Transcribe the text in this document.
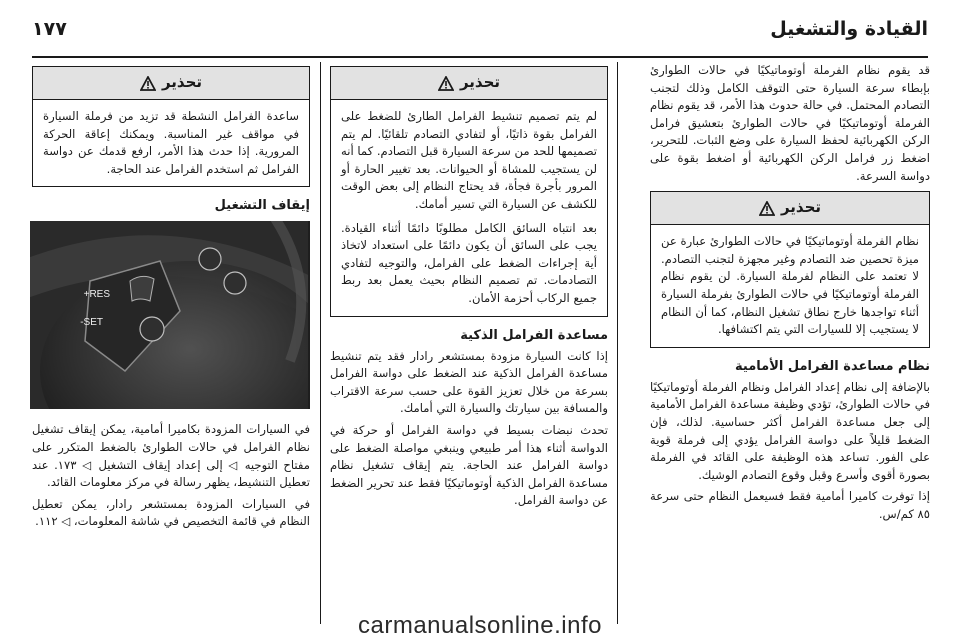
القيادة والتشغيل
١٧٧

قد يقوم نظام الفرملة أوتوماتيكيًا في حالات الطوارئ بإبطاء سرعة السيارة حتى التوقف الكامل وذلك لتجنب التصادم المحتمل. في حالة حدوث هذا الأمر، قد يقوم نظام الفرملة أوتوماتيكيًا في حالات الطوارئ بتعشيق فرامل الركن الكهربائية لحفظ السيارة على وضع الثبات. للتحرير، اضغط زر فرامل الركن الكهربائية أو اضغط بقوة على دواسة السرعة.

تحذير

نظام الفرملة أوتوماتيكيًا في حالات الطوارئ عبارة عن ميزة تحصين ضد التصادم وغير مجهزة لتجنب التصادم. لا تعتمد على النظام لفرملة السيارة. لن يقوم نظام الفرملة أوتوماتيكيًا في حالات الطوارئ بفرملة السيارة أثناء تواجدها خارج نطاق تشغيل النظام، كما أن النظام لا يستجيب إلا للسيارات التي يتم اكتشافها.

نظام مساعدة الفرامل الأمامية

بالإضافة إلى نظام إعداد الفرامل ونظام الفرملة أوتوماتيكيًا في حالات الطوارئ، تؤدي وظيفة مساعدة الفرامل الأمامية إلى جعل مساعدة الفرامل أكثر حساسية. لذلك، فإن الضغط قليلاً على دواسة الفرامل يؤدي إلى فرملة قوية على الفور. تساعد هذه الوظيفة على القائد في الفرملة بصورة أقوى وأسرع وقبل وقوع التصادم الوشيك.

إذا توفرت كاميرا أمامية فقط فسيعمل النظام حتى سرعة ٨٥ كم/س.

تحذير

لم يتم تصميم تنشيط الفرامل الطارئ للضغط على الفرامل بقوة ذاتيًا، أو لتفادي التصادم تلقائيًا. لم يتم تصميمها للحد من سرعة السيارة قبل التصادم. كما أنه لن يستجيب للمشاة أو الحيوانات. بعد تغيير الحارة أو المرور بأجرة فجأة، قد يحتاج النظام إلى بعض الوقت للكشف عن السيارة التي تسير أمامك.

بعد انتباه السائق الكامل مطلوبًا دائمًا أثناء القيادة. يجب على السائق أن يكون دائمًا على استعداد لاتخاذ أية إجراءات الضغط على الفرامل، والتوجيه لتفادي التصادمات. تم تصميم النظام بحيث يعمل بعد ربط جميع الركاب أحزمة الأمان.

مساعدة الفرامل الذكية

إذا كانت السيارة مزودة بمستشعر رادار فقد يتم تنشيط مساعدة الفرامل الذكية عند الضغط على دواسة الفرامل بسرعة من خلال تعزيز القوة على حسب سرعة الاقتراب والمسافة بين سيارتك والسيارة التي أمامك.

تحدث نبضات بسيط في دواسة الفرامل أو حركة في الدواسة أثناء هذا أمر طبيعي وينبغي مواصلة الضغط على دواسة الفرامل عند الحاجة. يتم إيقاف تشغيل نظام مساعدة الفرامل الذكية أوتوماتيكيًا فقط عند تحرير الضغط عن دواسة الفرامل.

تحذير

ساعدة الفرامل النشطة قد تزيد من فرملة السيارة في مواقف غير المناسبة. ويمكنك إعاقة الحركة المرورية. إذا حدث هذا الأمر، ارفع قدمك عن دواسة الفرامل ثم استخدم الفرامل عند الحاجة.

إيقاف التشغيل
RES+
SET-

في السيارات المزودة بكاميرا أمامية، يمكن إيقاف تشغيل نظام الفرامل في حالات الطوارئ بالضغط المتكرر على مفتاح التوجيه ◁ إلى إعداد إيقاف التشغيل ◁ ١٧٣. عند تعطيل التنشيط، يظهر رسالة في مركز معلومات القائد.

في السيارات المزودة بمستشعر رادار، يمكن تعطيل النظام في قائمة التخصيص في شاشة المعلومات، ◁ ١١٢.

carmanualsonline.info
